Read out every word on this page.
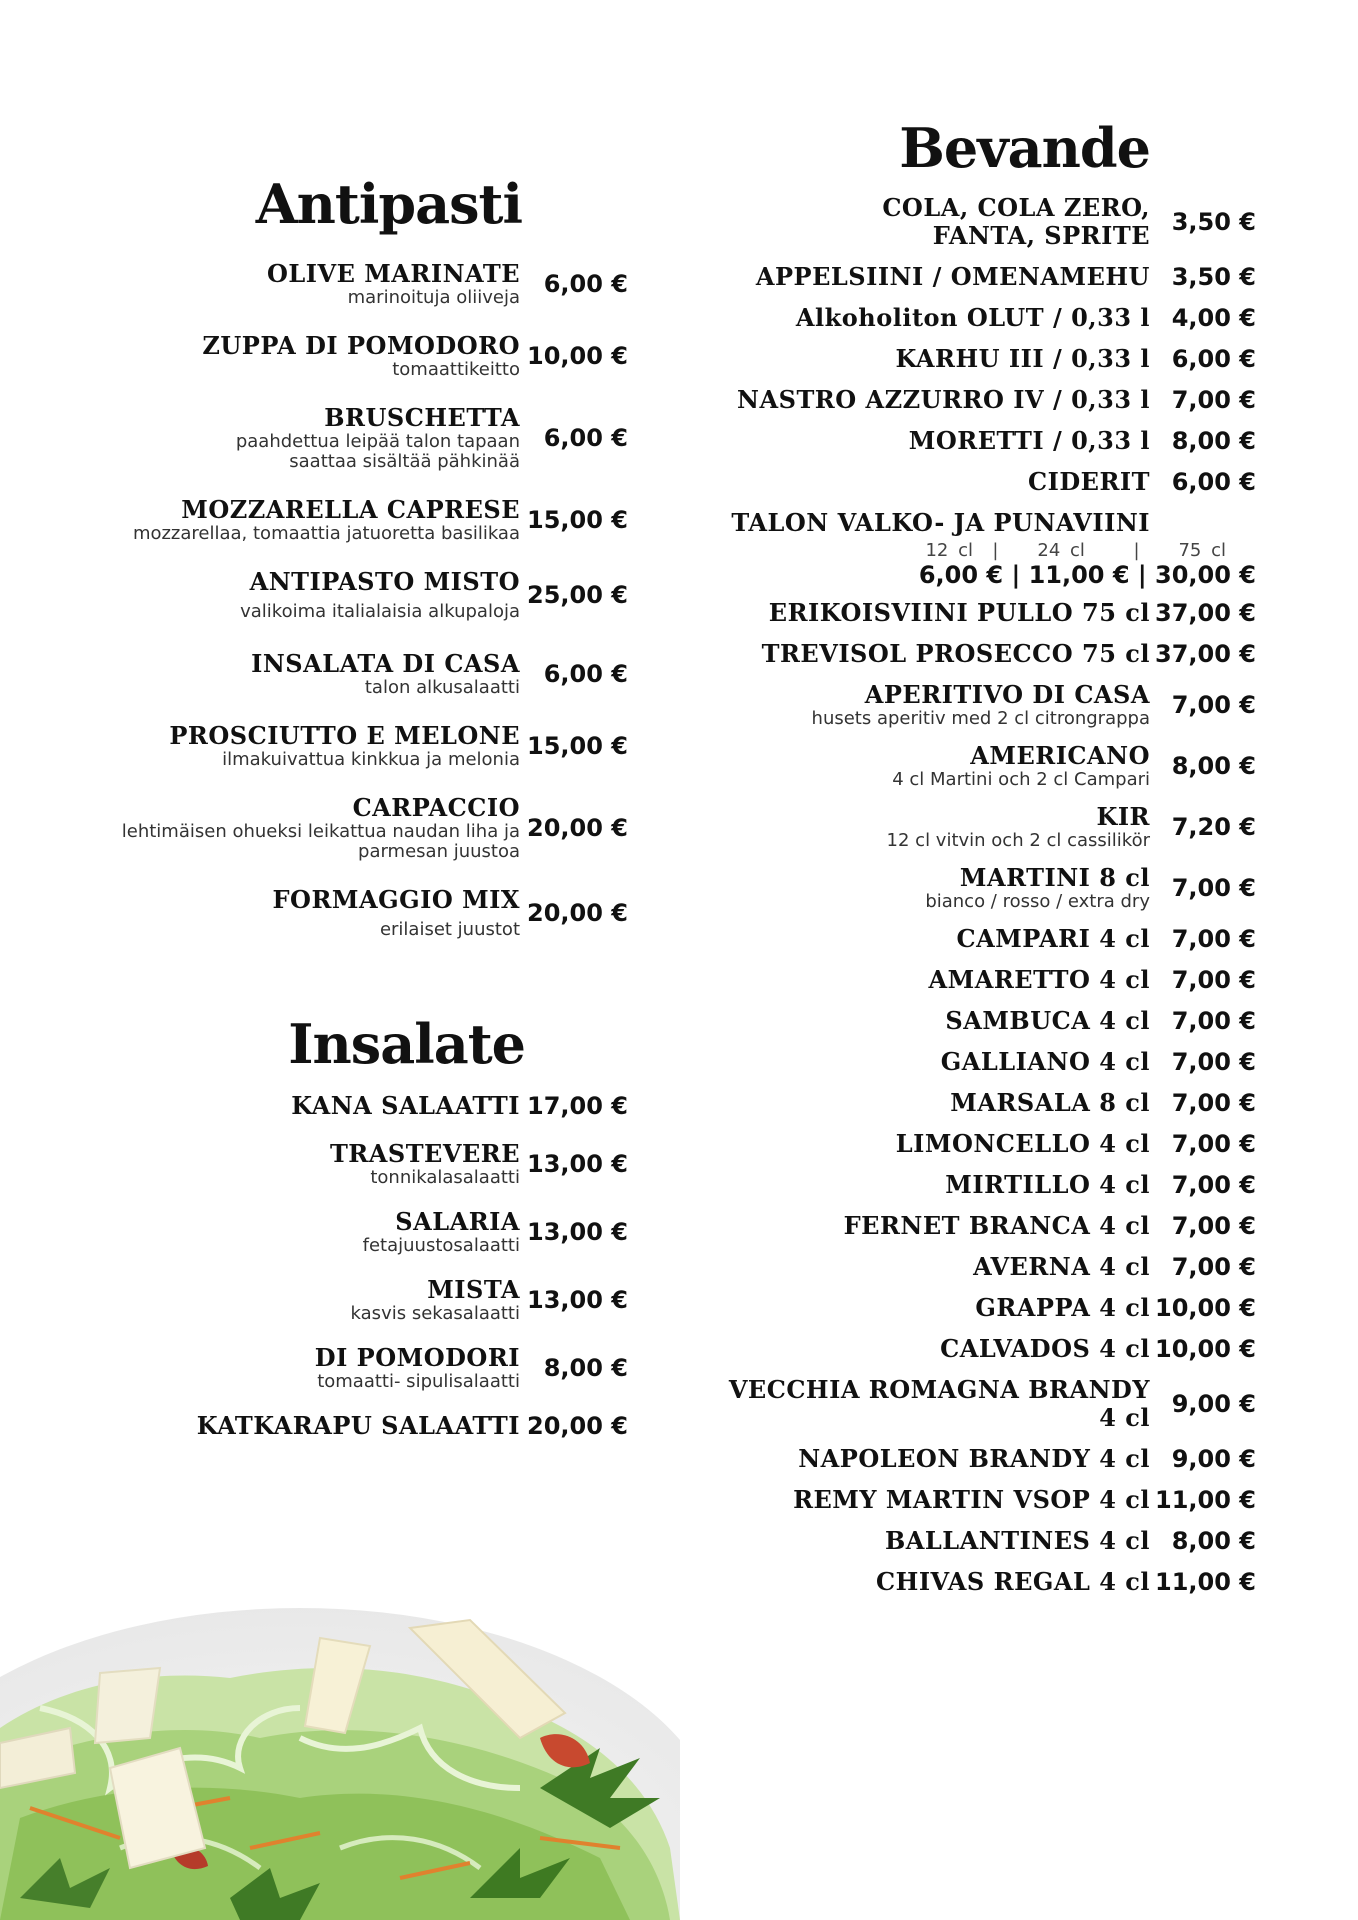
Antipasti
OLIVE MARINATE
marinoituja oliiveja 6,00 €
ZUPPA DI POMODORO
tomaattikeitto 10,00 €
BRUSCHETTA
paahdettua leipää talon tapaan saattaa sisältää pähkinää
6,00 €
MOZZARELLA CAPRESE
mozzarellaa, tomaattia jatuoretta basilikaa 15,00 €
ANTIPASTO MISTO
valikoima italialaisia alkupaloja
25,00 €
INSALATA DI CASA
talon alkusalaatti 6,00 €
PROSCIUTTO E MELONE
ilmakuivattua kinkkua ja melonia 15,00 €
CARPACCIO
lehtimäisen ohueksi leikattua naudan liha ja parmesan juustoa
20,00 €
FORMAGGIO MIX
erilaiset juustot
20,00 €
Insalate
KANA SALAATTI 17,00 €
TRASTEVERE
tonnikalasalaatti 13,00 €
SALARIA
fetajuustosalaatti 13,00 €
MISTA
kasvis sekasalaatti 13,00 €
DI POMODORI
tomaatti- sipulisalaatti 8,00 €
KATKARAPU SALAATTI 20,00 €
Bevande
COLA, COLA ZERO, FANTA, SPRITE 3,50 €
APPELSIINI / OMENAMEHU 3,50 €
Alkoholiton OLUT / 0,33 l 4,00 €
KARHU III / 0,33 l 6,00 €
NASTRO AZZURRO IV / 0,33 l 7,00 €
MORETTI / 0,33 l 8,00 €
CIDERIT 6,00 €
TALON VALKO- JA PUNAVIINI
12 cl  |    24 cl     |    75 cl
6,00 € | 11,00 € | 30,00 €
ERIKOISVIINI PULLO 75 cl 37,00 €
TREVISOL PROSECCO 75 cl 37,00 €
APERITIVO DI CASA
husets aperitiv med 2 cl citrongrappa 7,00 €
AMERICANO
4 cl Martini och 2 cl Campari 8,00 €
KIR
12 cl vitvin och 2 cl cassilikör 7,20 €
MARTINI 8 cl
bianco / rosso / extra dry 7,00 €
CAMPARI 4 cl 7,00 €
AMARETTO 4 cl 7,00 €
SAMBUCA 4 cl 7,00 €
GALLIANO 4 cl 7,00 €
MARSALA 8 cl 7,00 €
LIMONCELLO 4 cl 7,00 €
MIRTILLO 4 cl 7,00 €
FERNET BRANCA 4 cl 7,00 €
AVERNA 4 cl 7,00 €
GRAPPA 4 cl 10,00 €
CALVADOS 4 cl 10,00 €
VECCHIA ROMAGNA BRANDY 4 cl 9,00 €
NAPOLEON BRANDY 4 cl 9,00 €
REMY MARTIN VSOP 4 cl 11,00 €
BALLANTINES 4 cl 8,00 €
CHIVAS REGAL 4 cl 11,00 €
